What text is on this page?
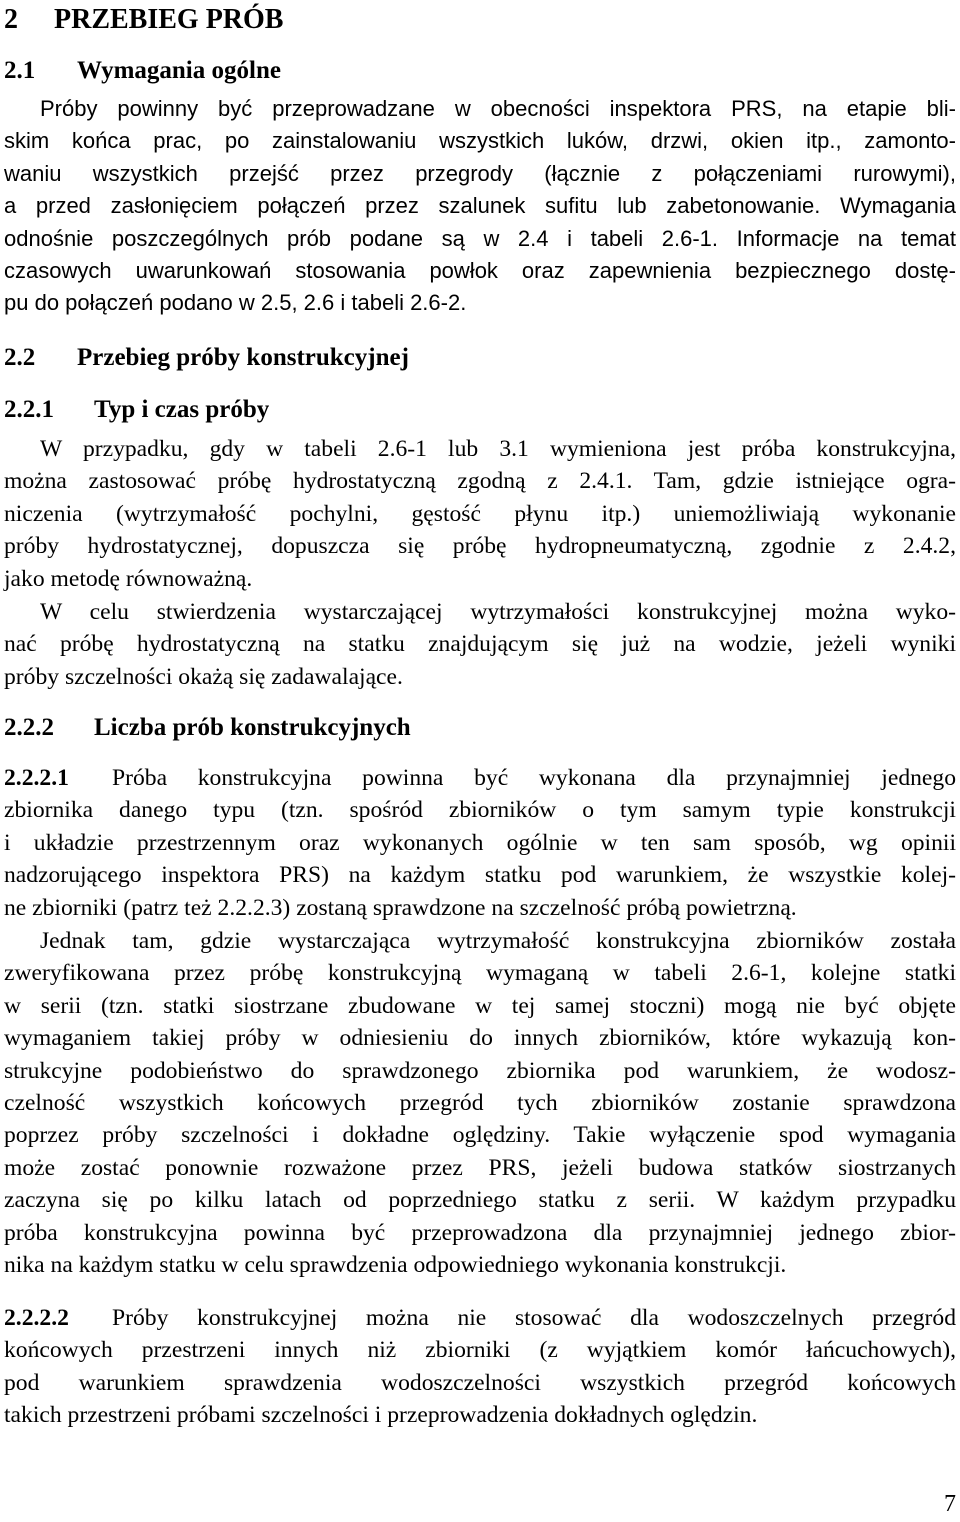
2 PRZEBIEG PRÓB
2.1 Wymagania ogólne
Próby powinny być przeprowadzane w obecności inspektora PRS, na etapie bli-
skim końca prac, po zainstalowaniu wszystkich luków, drzwi, okien itp., zamonto-
waniu wszystkich przejść przez przegrody (łącznie z połączeniami rurowymi),
a przed zasłonięciem połączeń przez szalunek sufitu lub zabetonowanie. Wymagania
odnośnie poszczególnych prób podane są w 2.4 i tabeli 2.6-1. Informacje na temat
czasowych uwarunkowań stosowania powłok oraz zapewnienia bezpiecznego dostę-
pu do połączeń podano w 2.5, 2.6 i tabeli 2.6-2.
2.2 Przebieg próby konstrukcyjnej
2.2.1 Typ i czas próby
W przypadku, gdy w tabeli 2.6-1 lub 3.1 wymieniona jest próba konstrukcyjna,
można zastosować próbę hydrostatyczną zgodną z 2.4.1. Tam, gdzie istniejące ogra-
niczenia (wytrzymałość pochylni, gęstość płynu itp.) uniemożliwiają wykonanie
próby hydrostatycznej, dopuszcza się próbę hydropneumatyczną, zgodnie z 2.4.2,
jako metodę równoważną.
W celu stwierdzenia wystarczającej wytrzymałości konstrukcyjnej można wyko-
nać próbę hydrostatyczną na statku znajdującym się już na wodzie, jeżeli wyniki
próby szczelności okażą się zadawalające.
2.2.2 Liczba prób konstrukcyjnych
2.2.2.1 Próba konstrukcyjna powinna być wykonana dla przynajmniej jednego
zbiornika danego typu (tzn. spośród zbiorników o tym samym typie konstrukcji
i układzie przestrzennym oraz wykonanych ogólnie w ten sam sposób, wg opinii
nadzorującego inspektora PRS) na każdym statku pod warunkiem, że wszystkie kolej-
ne zbiorniki (patrz też 2.2.2.3) zostaną sprawdzone na szczelność próbą powietrzną.
Jednak tam, gdzie wystarczająca wytrzymałość konstrukcyjna zbiorników została
zweryfikowana przez próbę konstrukcyjną wymaganą w tabeli 2.6-1, kolejne statki
w serii (tzn. statki siostrzane zbudowane w tej samej stoczni) mogą nie być objęte
wymaganiem takiej próby w odniesieniu do innych zbiorników, które wykazują kon-
strukcyjne podobieństwo do sprawdzonego zbiornika pod warunkiem, że wodosz-
czelność wszystkich końcowych przegród tych zbiorników zostanie sprawdzona
poprzez próby szczelności i dokładne oględziny. Takie wyłączenie spod wymagania
może zostać ponownie rozważone przez PRS, jeżeli budowa statków siostrzanych
zaczyna się po kilku latach od poprzedniego statku z serii. W każdym przypadku
próba konstrukcyjna powinna być przeprowadzona dla przynajmniej jednego zbior-
nika na każdym statku w celu sprawdzenia odpowiedniego wykonania konstrukcji.
2.2.2.2 Próby konstrukcyjnej można nie stosować dla wodoszczelnych przegród
końcowych przestrzeni innych niż zbiorniki (z wyjątkiem komór łańcuchowych),
pod warunkiem sprawdzenia wodoszczelności wszystkich przegród końcowych
takich przestrzeni próbami szczelności i przeprowadzenia dokładnych oględzin.
7
